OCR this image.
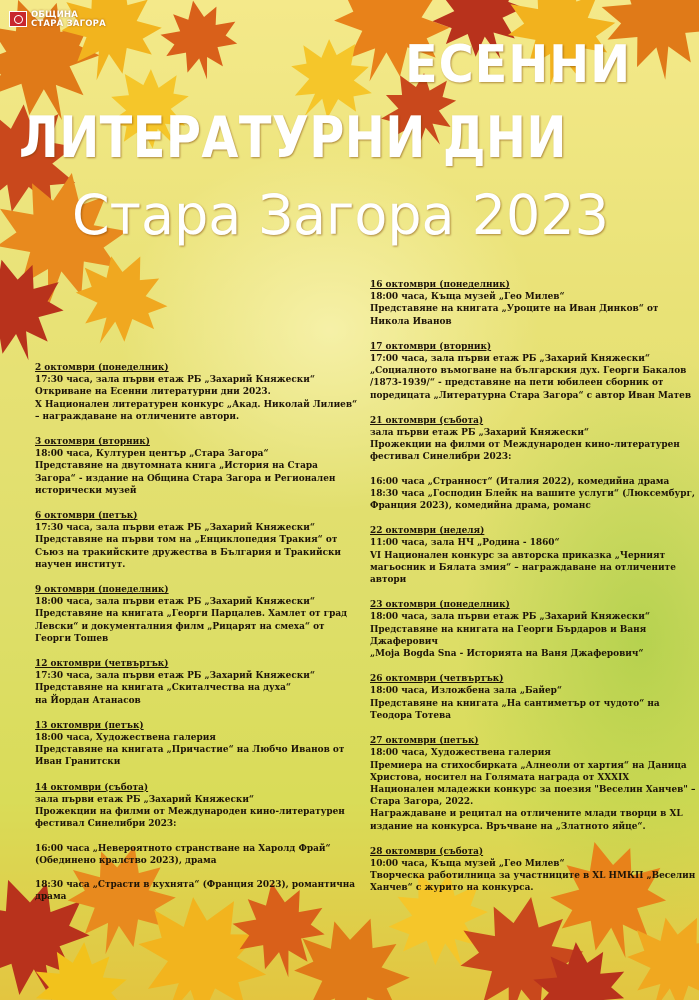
ОБЩИНА
СТАРА ЗАГОРА
ЕСЕННИ
ЛИТЕРАТУРНИ ДНИ
Стара Загора 2023
2 октомври (понеделник)
17:30 часа, зала първи етаж РБ „Захарий Княжески“
Откриване на Есенни литературни дни 2023.
X Национален литературен конкурс „Акад. Николай Лилиев“
– награждаване на отличените автори.
3 октомври (вторник)
18:00 часа, Културен център „Стара Загора“
Представяне на двутомната книга „История на Стара
Загора“ - издание на Община Стара Загора и Регионален
исторически музей
6 октомври (петък)
17:30 часа, зала първи етаж РБ „Захарий Княжески“
Представяне на първи том на „Енциклопедия Тракия“ от
Съюз на тракийските дружества в България и Тракийски
научен институт.
9 октомври (понеделник)
18:00 часа, зала първи етаж РБ „Захарий Княжески“
Представяне на книгата „Георги Парцалев. Хамлет от град
Левски“ и документалния филм „Рицарят на смеха“ от
Георги Тошев
12 октомври (четвъртък)
17:30 часа, зала първи етаж РБ „Захарий Княжески“
Представяне на книгата „Скиталчества на духа“
на Йордан Атанасов
13 октомври (петък)
18:00 часа, Художествена галерия
Представяне на книгата „Причастие“ на Любчо Иванов от
Иван Гранитски
14 октомври (събота)
зала първи етаж РБ „Захарий Княжески“
Прожекции на филми от Международен кино-литературен
фестивал Синелибри 2023:
16:00 часа „Невероятното странстване на Харолд Фрай“
(Обединено кралство 2023), драма
18:30 часа „Страсти в кухнята“ (Франция 2023), романтична
драма
16 октомври (понеделник)
18:00 часа, Къща музей „Гео Милев“
Представяне на книгата „Уроците на Иван Динков“ от
Никола Иванов
17 октомври (вторник)
17:00 часа, зала първи етаж РБ „Захарий Княжески“
„Социалното въмогване на българския дух. Георги Бакалов
/1873-1939/“ - представяне на пети юбилеен сборник от
поредицата „Литературна Стара Загора“ с автор Иван Матев
21 октомври (събота)
зала първи етаж РБ „Захарий Княжески“
Прожекции на филми от Международен кино-литературен
фестивал Синелибри 2023:
16:00 часа „Странност“ (Италия 2022), комедийна драма
18:30 часа „Господин Блейк на вашите услуги“ (Люксембург,
Франция 2023), комедийна драма, романс
22 октомври (неделя)
11:00 часа, зала НЧ „Родина - 1860“
VI Национален конкурс за авторска приказка „Черният
магьосник и Бялата змия“ – награждаване на отличените
автори
23 октомври (понеделник)
18:00 часа, зала първи етаж РБ „Захарий Княжески“
Представяне на книгата на Георги Бърдаров и Ваня
Джаферович
„Moja Bogda Sna - Историята на Ваня Джаферович“
26 октомври (четвъртък)
18:00 часа, Изложбена зала „Байер“
Представяне на книгата „На сантиметър от чудото“ на
Теодора Тотева
27 октомври (петък)
18:00 часа, Художествена галерия
Премиера на стихосбирката „Алнеоли от хартия“ на Даница
Христова, носител на Голямата награда от XXXIX
Национален младежки конкурс за поезия "Веселин Ханчев" –
Стара Загора, 2022.
Награждаване и рецитал на отличените млади творци в XL
издание на конкурса. Връчване на „Златното яйце“.
28 октомври (събота)
10:00 часа, Къща музей „Гео Милев“
Творческа работилница за участниците в XL НМКП „Веселин
Ханчев“ с журито на конкурса.
